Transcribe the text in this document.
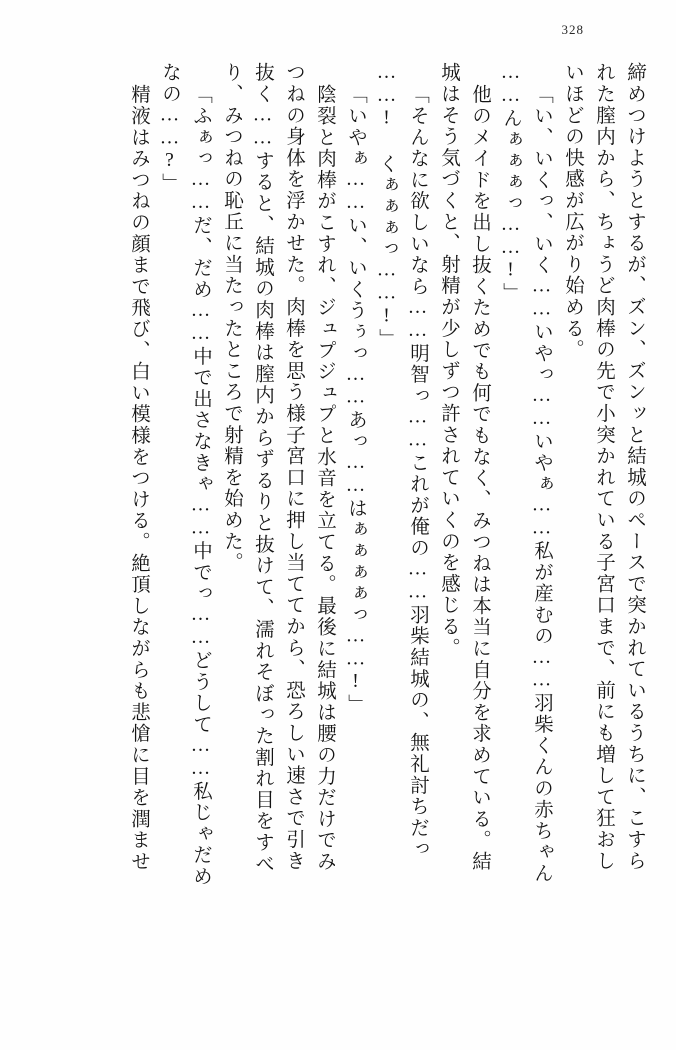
328
締めつけようとするが、ズン、ズンッと結城のペースで突かれているうちに、こすら
れた膣内から、ちょうど肉棒の先で小突かれている子宮口まで、前にも増して狂おし
いほどの快感が広がり始める。
「い、いくっ、いく……いやっ……いやぁ……私が産むの……羽柴くんの赤ちゃん
……んぁぁぁっ……!」
他のメイドを出し抜くためでも何でもなく、みつねは本当に自分を求めている。結
城はそう気づくと、射精が少しずつ許されていくのを感じる。
「そんなに欲しいなら……明智っ……これが俺の……羽柴結城の、無礼討ちだっ
……! くぁぁぁっ……!」
「いやぁ……い、いくうぅっ……あっ……はぁぁぁぁっ……!」
陰裂と肉棒がこすれ、ジュプジュプと水音を立てる。最後に結城は腰の力だけでみ
つねの身体を浮かせた。肉棒を思う様子宮口に押し当ててから、恐ろしい速さで引き
抜く……すると、結城の肉棒は膣内からずるりと抜けて、濡れそぼった割れ目をすべ
り、みつねの恥丘に当たったところで射精を始めた。
「ふぁっ……だ、だめ……中で出さなきゃ……中でっ……どうして……私じゃだめ
なの……?」
精液はみつねの顔まで飛び、白い模様をつける。絶頂しながらも悲愴に目を潤ませ
